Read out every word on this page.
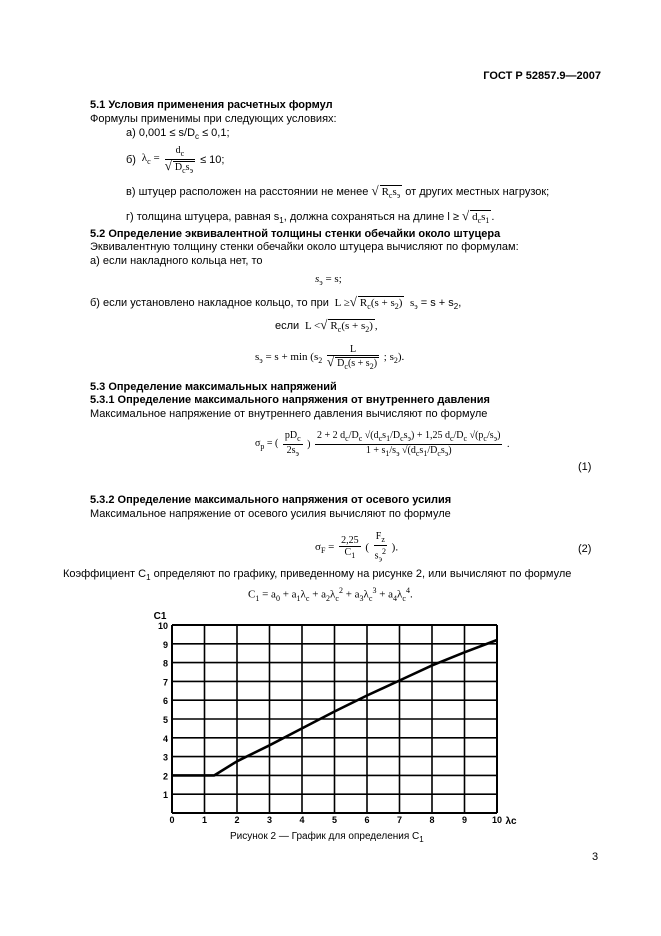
ГОСТ Р 52857.9—2007
5.1 Условия применения расчетных формул
Формулы применимы при следующих условиях:
а) $0,001 \le s/D_c \le 0,1$;
б)  $\lambda_c = \frac{d_c}{√ D_cs_э} \le 10$;
в) штуцер расположен на расстоянии не менее √ $R_cs_э$ от других местных нагрузок;
г) толщина штуцера, равная $s_1$, должна сохраняться на длине l ≥ √ $d_cs_1$ .
5.2 Определение эквивалентной толщины стенки обечайки около штуцера
Эквивалентную толщину стенки обечайки около штуцера вычисляют по формулам:
а) если накладного кольца нет, то
$s_э = s$;
б) если установлено накладное кольцо, то при  L ≥√ $R_c(s + s_2) s_э = s + s_2$,
если  L <√ $R_c(s + s_2)$ ,
$s_э = s + \min (s_2 \frac{L}{√ D_c(s + s_2)}$ ; $s_2$).
5.3 Определение максимальных напряжений
5.3.1 Определение максимального напряжения от внутреннего давления
Максимальное напряжение от внутреннего давления вычисляют по формуле
$\sigma_p$ = ( $\frac{pD_c}{2s_э}$ ) $\frac{2 + 2 d_c/D_c √(d_cs_1/D_cs_э) + 1,25 d_c/D_c √(p_c/s_э)}{1 + s_1/s_э √(d_cs_1/D_cs_э)}$ .
(1)
5.3.2 Определение максимального напряжения от осевого усилия
Максимальное напряжение от осевого усилия вычисляют по формуле
$\sigma_F = \frac{2,25}{C_1}$ ( $\frac{F_z}{s_э^2}$ ).	(2)
Коэффициент $C_1$ определяют по графику, приведенному на рисунке 2, или вычисляют по формуле
$C_1 = a_0 + a_1\lambda_c + a_2\lambda_c^2 + a_3\lambda_c^3 + a_4\lambda_c^4$.
0	1	2	3	4	5	6	7	8	9	10
1
2
3
4
5
6
7
8
9
10
C1
λc
Рисунок 2 — График для определения $C_1$
3
